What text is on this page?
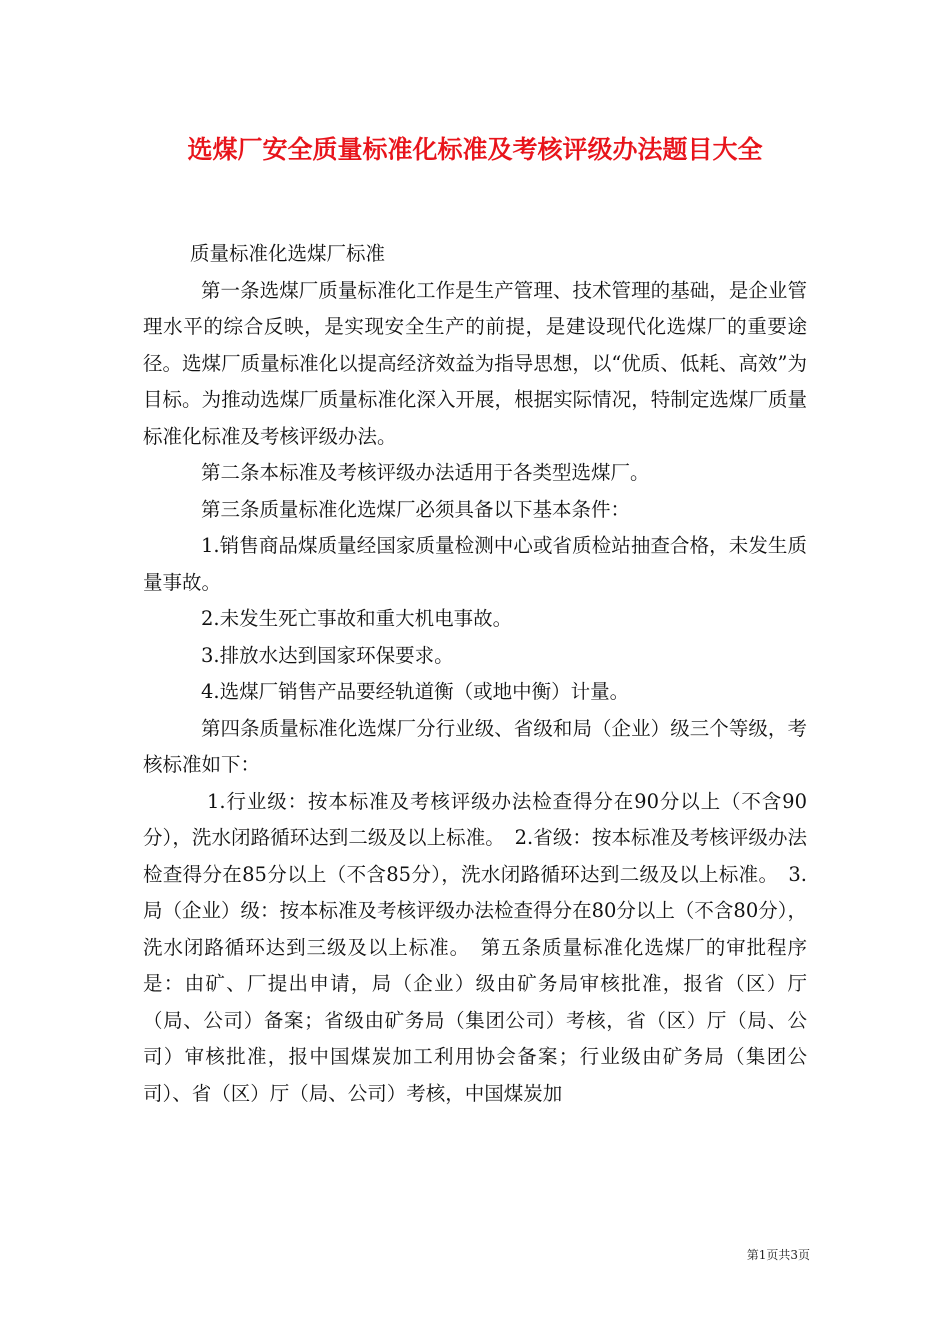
选煤厂安全质量标准化标准及考核评级办法题目大全

质量标准化选煤厂标准

第一条选煤厂质量标准化工作是生产管理、技术管理的基础，是企业管理水平的综合反映，是实现安全生产的前提，是建设现代化选煤厂的重要途径。选煤厂质量标准化以提高经济效益为指导思想，以“优质、低耗、高效”为目标。为推动选煤厂质量标准化深入开展，根据实际情况，特制定选煤厂质量标准化标准及考核评级办法。

第二条本标准及考核评级办法适用于各类型选煤厂。

第三条质量标准化选煤厂必须具备以下基本条件：

1.销售商品煤质量经国家质量检测中心或省质检站抽查合格，未发生质量事故。

2.未发生死亡事故和重大机电事故。

3.排放水达到国家环保要求。

4.选煤厂销售产品要经轨道衡（或地中衡）计量。

第四条质量标准化选煤厂分行业级、省级和局（企业）级三个等级，考核标准如下：

1.行业级：按本标准及考核评级办法检查得分在90分以上（不含90分），洗水闭路循环达到二级及以上标准。　2.省级：按本标准及考核评级办法检查得分在85分以上（不含85分），洗水闭路循环达到二级及以上标准。　3.局（企业）级：按本标准及考核评级办法检查得分在80分以上（不含80分），洗水闭路循环达到三级及以上标准。　第五条质量标准化选煤厂的审批程序是：由矿、厂提出申请，局（企业）级由矿务局审核批准，报省（区）厅（局、公司）备案；省级由矿务局（集团公司）考核，省（区）厅（局、公司）审核批准，报中国煤炭加工利用协会备案；行业级由矿务局（集团公司）、省（区）厅（局、公司）考核，中国煤炭加

第1页共3页
